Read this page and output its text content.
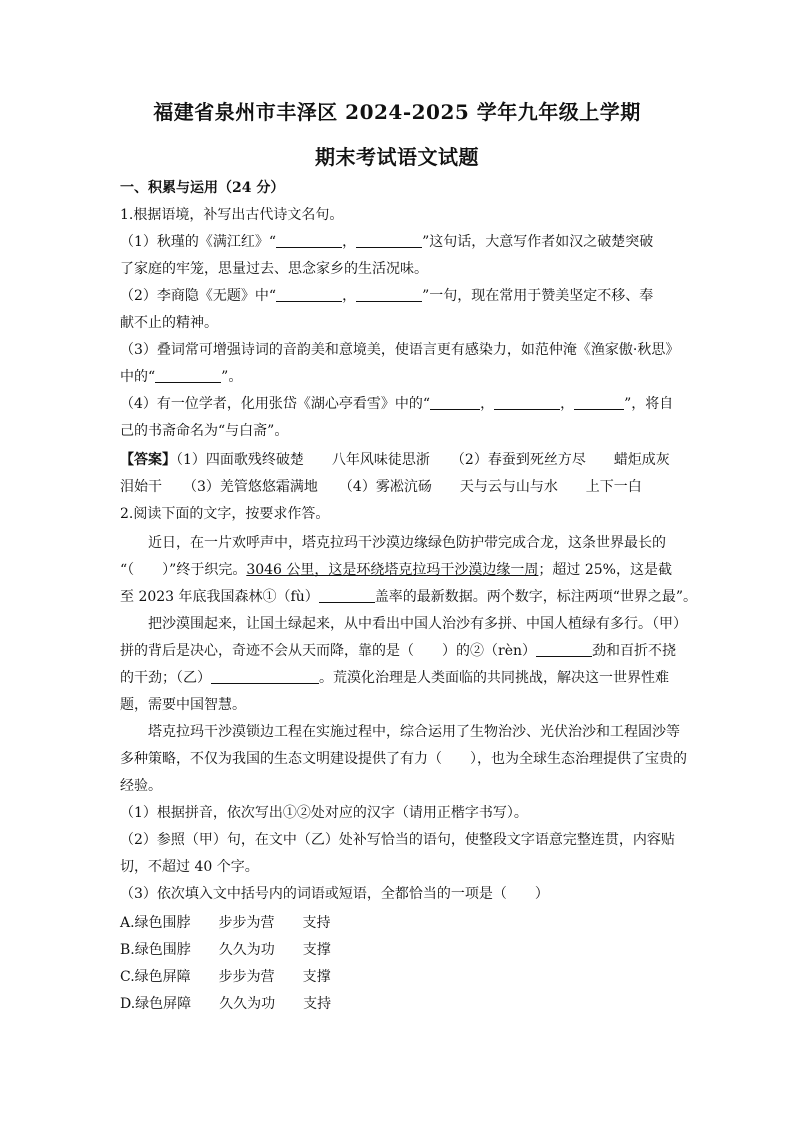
福建省泉州市丰泽区 2024-2025 学年九年级上学期
期末考试语文试题
一、积累与运用（24 分）
1.根据语境，补写出古代诗文名句。
（1）秋瑾的《满江红》“	，	”这句话，大意写作者如汉之破楚突破
了家庭的牢笼，思量过去、思念家乡的生活况味。
（2）李商隐《无题》中“	，	”一句，现在常用于赞美坚定不移、奉
献不止的精神。
（3）叠词常可增强诗词的音韵美和意境美，使语言更有感染力，如范仲淹《渔家傲·秋思》
中的“	”。
（4）有一位学者，化用张岱《湖心亭看雪》中的“	，	，	”，将自
己的书斋命名为“与白斋”。
【答案】（1）四面歌残终破楚　　八年风味徒思浙　　（2）春蚕到死丝方尽　　蜡炬成灰
泪始干　　（3）羌管悠悠霜满地　　（4）雾凇沆砀　　天与云与山与水　　上下一白
2.阅读下面的文字，按要求作答。
近日，在一片欢呼声中，塔克拉玛干沙漠边缘绿色防护带完成合龙，这条世界最长的
“（　　）”终于织完。3046 公里，这是环绕塔克拉玛干沙漠边缘一周；超过 25%，这是截
至 2023 年底我国森林①（fù）	盖率的最新数据。两个数字，标注两项“世界之最”。
把沙漠围起来，让国土绿起来，从中看出中国人治沙有多拼、中国人植绿有多行。（甲）
拼的背后是决心，奇迹不会从天而降，靠的是（　　）的②（rèn）	劲和百折不挠
的干劲；（乙）	。荒漠化治理是人类面临的共同挑战，解决这一世界性难
题，需要中国智慧。
塔克拉玛干沙漠锁边工程在实施过程中，综合运用了生物治沙、光伏治沙和工程固沙等
多种策略，不仅为我国的生态文明建设提供了有力（　　），也为全球生态治理提供了宝贵的
经验。
（1）根据拼音，依次写出①②处对应的汉字（请用正楷字书写）。
（2）参照（甲）句，在文中（乙）处补写恰当的语句，使整段文字语意完整连贯，内容贴
切，不超过 40 个字。
（3）依次填入文中括号内的词语或短语，全都恰当的一项是（　　）
A.绿色围脖　　步步为营　　支持
B.绿色围脖　　久久为功　　支撑
C.绿色屏障　　步步为营　　支撑
D.绿色屏障　　久久为功　　支持
